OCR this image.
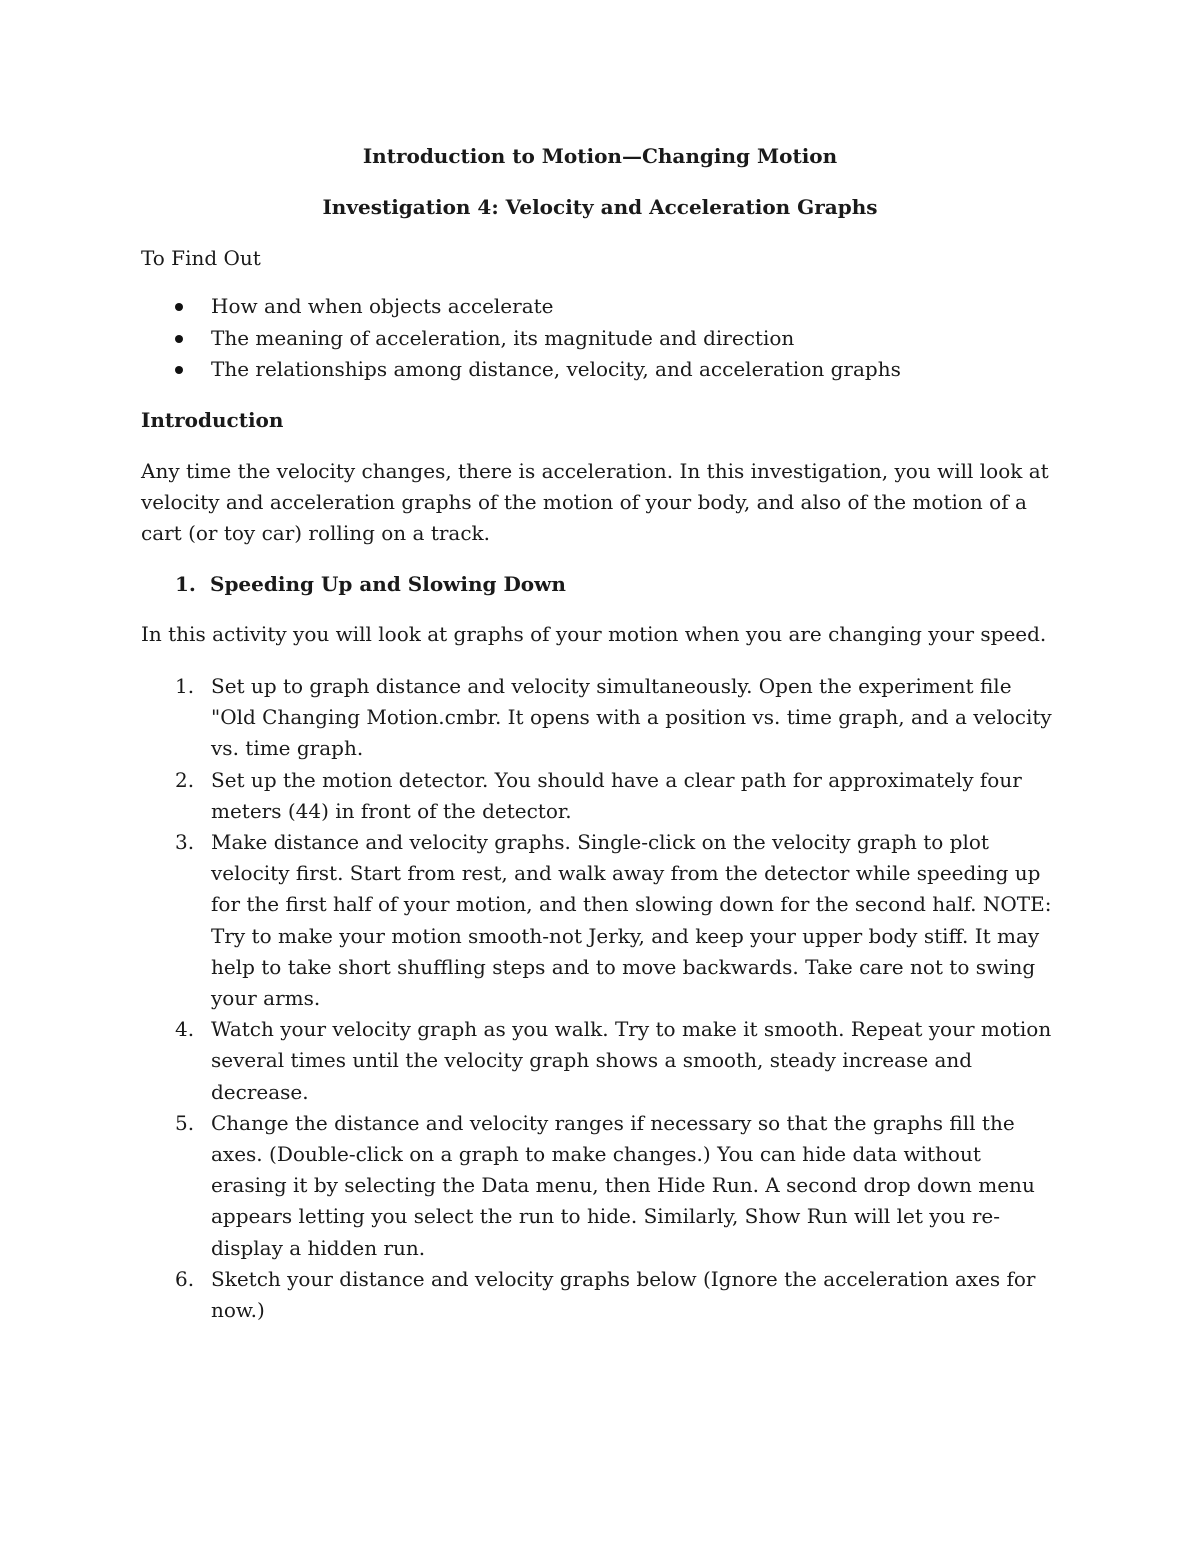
Introduction to Motion—Changing Motion
Investigation 4: Velocity and Acceleration Graphs
To Find Out
How and when objects accelerate
The meaning of acceleration, its magnitude and direction
The relationships among distance, velocity, and acceleration graphs
Introduction
Any time the velocity changes, there is acceleration. In this investigation, you will look at velocity and acceleration graphs of the motion of your body, and also of the motion of a cart (or toy car) rolling on a track.
1. Speeding Up and Slowing Down
In this activity you will look at graphs of your motion when you are changing your speed.
1. Set up to graph distance and velocity simultaneously. Open the experiment file "Old Changing Motion.cmbr. It opens with a position vs. time graph, and a velocity vs. time graph.
2. Set up the motion detector. You should have a clear path for approximately four meters (44) in front of the detector.
3. Make distance and velocity graphs. Single-click on the velocity graph to plot velocity first. Start from rest, and walk away from the detector while speeding up for the first half of your motion, and then slowing down for the second half. NOTE: Try to make your motion smooth-not Jerky, and keep your upper body stiff. It may help to take short shuffling steps and to move backwards. Take care not to swing your arms.
4. Watch your velocity graph as you walk. Try to make it smooth. Repeat your motion several times until the velocity graph shows a smooth, steady increase and decrease.
5. Change the distance and velocity ranges if necessary so that the graphs fill the axes. (Double-click on a graph to make changes.) You can hide data without erasing it by selecting the Data menu, then Hide Run. A second drop down menu appears letting you select the run to hide. Similarly, Show Run will let you re-display a hidden run.
6. Sketch your distance and velocity graphs below (Ignore the acceleration axes for now.)
